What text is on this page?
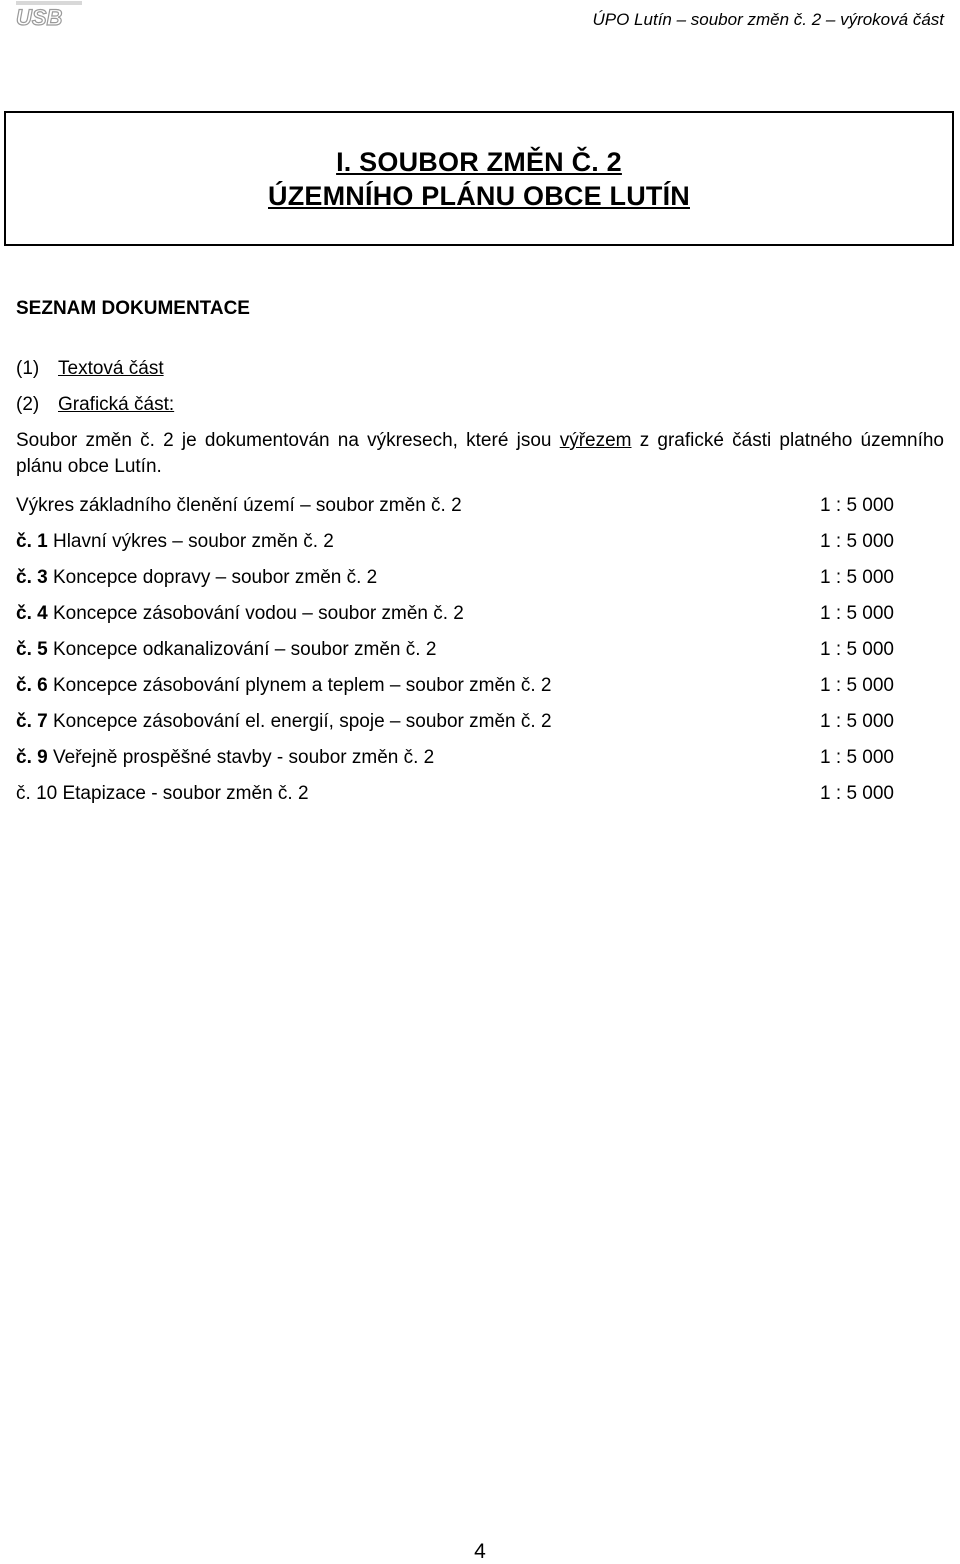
USB	ÚPO Lutín – soubor změn č. 2 – výroková část
I. SOUBOR ZMĚN Č. 2
ÚZEMNÍHO PLÁNU OBCE LUTÍN
SEZNAM DOKUMENTACE
(1) Textová část
(2) Grafická část:
Soubor změn č. 2 je dokumentován na výkresech, které jsou výřezem z grafické části platného územního plánu obce Lutín.
Výkres základního členění území – soubor změn č. 2	1 : 5 000
č. 1 Hlavní výkres – soubor změn č. 2	1 : 5 000
č. 3 Koncepce dopravy – soubor změn č. 2	1 : 5 000
č. 4 Koncepce zásobování vodou – soubor změn č. 2	1 : 5 000
č. 5 Koncepce odkanalizování – soubor změn č. 2	1 : 5 000
č. 6 Koncepce zásobování plynem a teplem – soubor změn č. 2	1 : 5 000
č. 7 Koncepce zásobování el. energií, spoje – soubor změn č. 2	1 : 5 000
č. 9 Veřejně prospěšné stavby - soubor změn č. 2	1 : 5 000
č. 10 Etapizace - soubor změn č. 2	1 : 5 000
4
